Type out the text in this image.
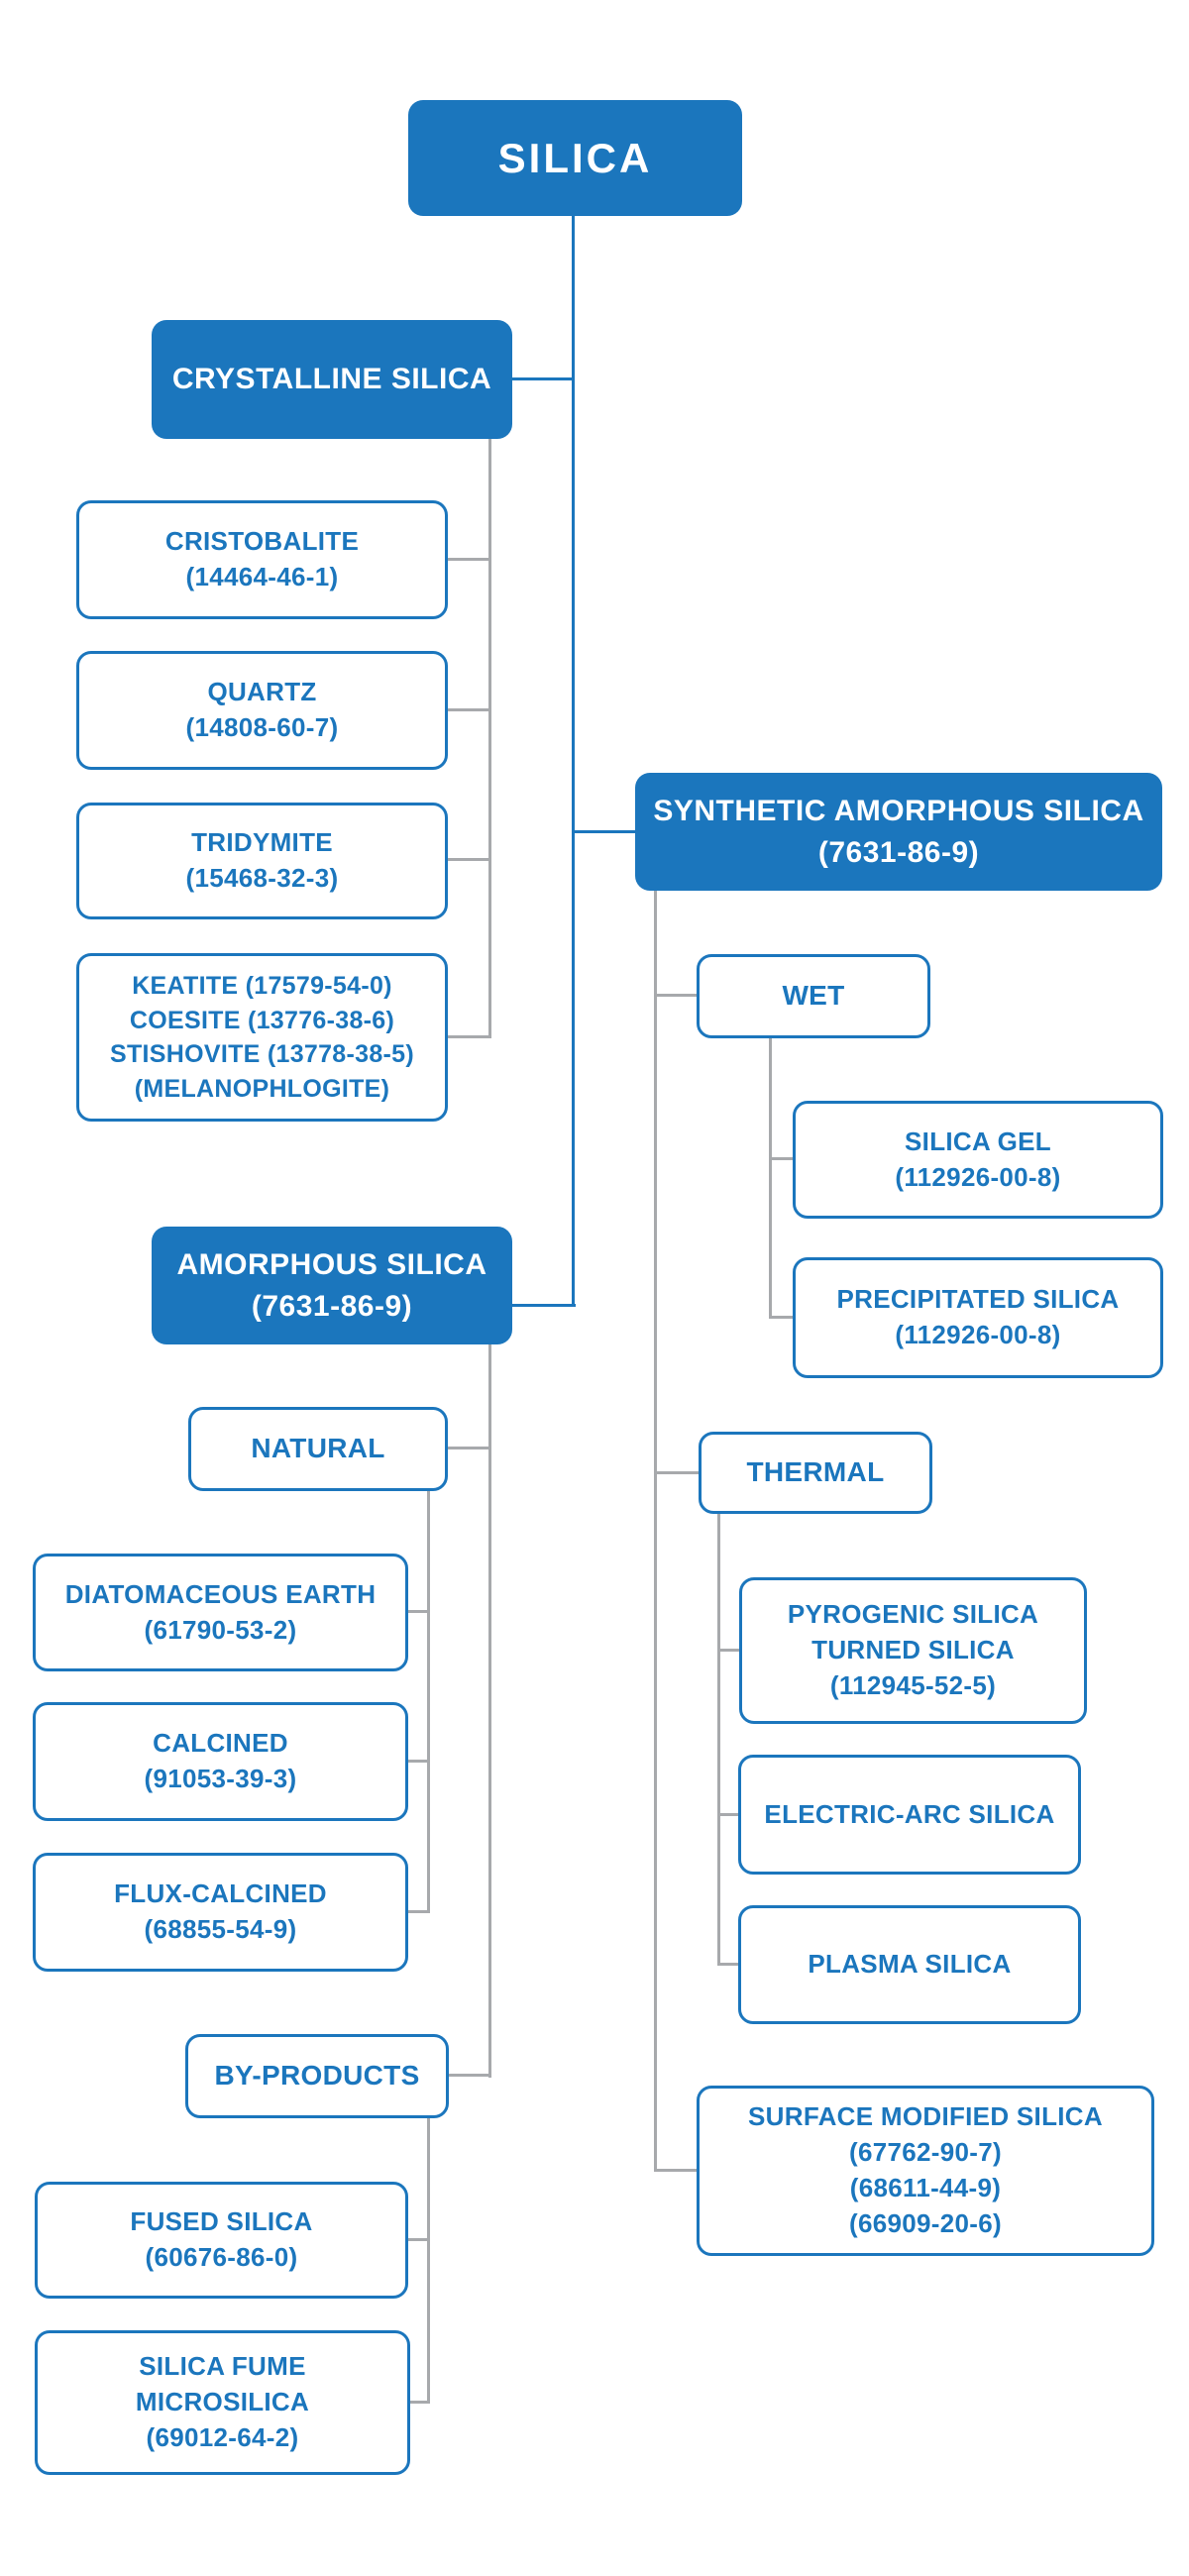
SILICA
CRYSTALLINE SILICA
CRISTOBALITE
(14464-46-1)
QUARTZ
(14808-60-7)
TRIDYMITE
(15468-32-3)
KEATITE (17579-54-0)
COESITE (13776-38-6)
STISHOVITE (13778-38-5)
(MELANOPHLOGITE)
AMORPHOUS SILICA
(7631-86-9)
NATURAL
DIATOMACEOUS EARTH
(61790-53-2)
CALCINED
(91053-39-3)
FLUX-CALCINED
(68855-54-9)
BY-PRODUCTS
FUSED SILICA
(60676-86-0)
SILICA FUME
MICROSILICA
(69012-64-2)
SYNTHETIC AMORPHOUS SILICA
(7631-86-9)
WET
SILICA GEL
(112926-00-8)
PRECIPITATED SILICA
(112926-00-8)
THERMAL
PYROGENIC SILICA
TURNED SILICA
(112945-52-5)
ELECTRIC-ARC SILICA
PLASMA SILICA
SURFACE MODIFIED SILICA
(67762-90-7)
(68611-44-9)
(66909-20-6)
